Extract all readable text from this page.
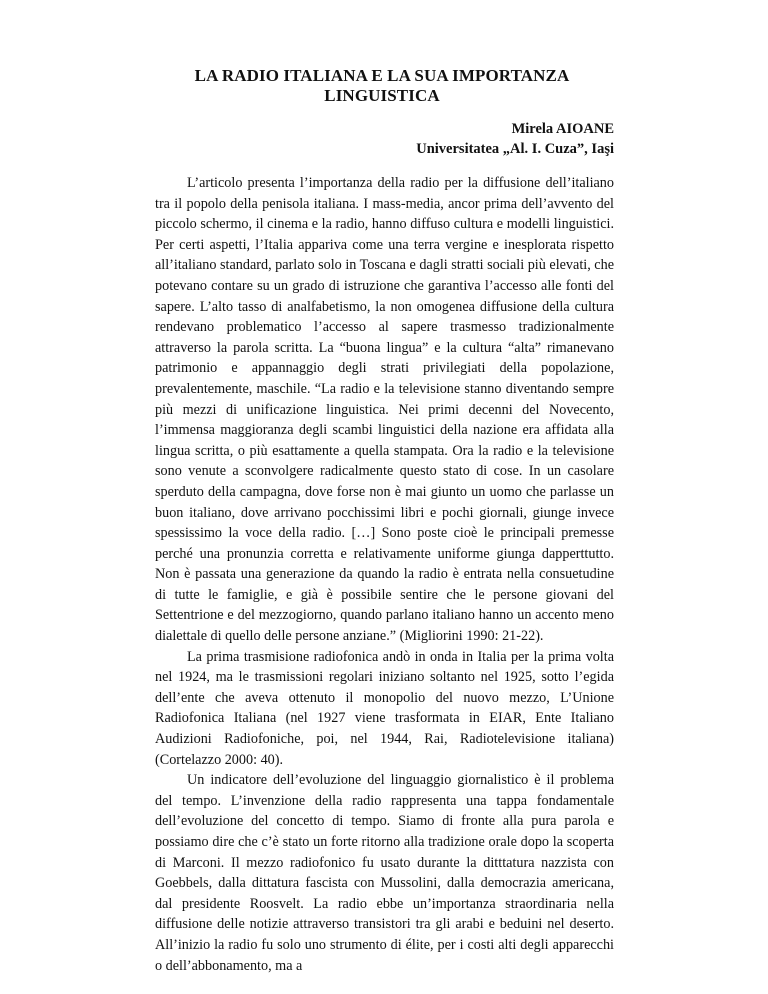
LA RADIO ITALIANA E LA SUA IMPORTANZA
LINGUISTICA
Mirela AIOANE
Universitatea „Al. I. Cuza”, Iaşi

L’articolo presenta l’importanza della radio per la diffusione dell’italiano tra il popolo della penisola italiana. I mass-media, ancor prima dell’avvento del piccolo schermo, il cinema e la radio, hanno diffuso cultura e modelli linguistici. Per certi aspetti, l’Italia appariva come una terra vergine e inesplorata rispetto all’italiano standard, parlato solo in Toscana e dagli stratti sociali più elevati, che potevano contare su un grado di istruzione che garantiva l’accesso alle fonti del sapere. L’alto tasso di analfabetismo, la non omogenea diffusione della cultura rendevano problematico l’accesso al sapere trasmesso tradizionalmente attraverso la parola scritta. La “buona lingua” e la cultura “alta” rimanevano patrimonio e appannaggio degli strati privilegiati della popolazione, prevalentemente, maschile. “La radio e la televisione stanno diventando sempre più mezzi di unificazione linguistica. Nei primi decenni del Novecento, l’immensa maggioranza degli scambi linguistici della nazione era affidata alla lingua scritta, o più esattamente a quella stampata. Ora la radio e la televisione sono venute a sconvolgere radicalmente questo stato di cose. In un casolare sperduto della campagna, dove forse non è mai giunto un uomo che parlasse un buon italiano, dove arrivano pocchissimi libri e pochi giornali, giunge invece spessissimo la voce della radio. […] Sono poste cioè le principali premesse perché una pronunzia corretta e relativamente uniforme giunga dapperttutto. Non è passata una generazione da quando la radio è entrata nella consuetudine di tutte le famiglie, e già è possibile sentire che le persone giovani del Settentrione e del mezzogiorno, quando parlano italiano hanno un accento meno dialettale di quello delle persone anziane.” (Migliorini 1990: 21-22).

La prima trasmisione radiofonica andò in onda in Italia per la prima volta nel 1924, ma le trasmissioni regolari iniziano soltanto nel 1925, sotto l’egida dell’ente che aveva ottenuto il monopolio del nuovo mezzo, L’Unione Radiofonica Italiana (nel 1927 viene trasformata in EIAR, Ente Italiano Audizioni Radiofoniche, poi, nel 1944, Rai, Radiotelevisione italiana) (Cortelazzo 2000: 40).

Un indicatore dell’evoluzione del linguaggio giornalistico è il problema del tempo. L’invenzione della radio rappresenta una tappa fondamentale dell’evoluzione del concetto di tempo. Siamo di fronte alla pura parola e possiamo dire che c’è stato un forte ritorno alla tradizione orale dopo la scoperta di Marconi. Il mezzo radiofonico fu usato durante la ditttatura nazzista con Goebbels, dalla dittatura fascista con Mussolini, dalla democrazia americana, dal presidente Roosvelt. La radio ebbe un’importanza straordinaria nella diffusione delle notizie attraverso transistori tra gli arabi e beduini nel deserto. All’inizio la radio fu solo uno strumento di élite, per i costi alti degli apparecchi o dell’abbonamento, ma a
